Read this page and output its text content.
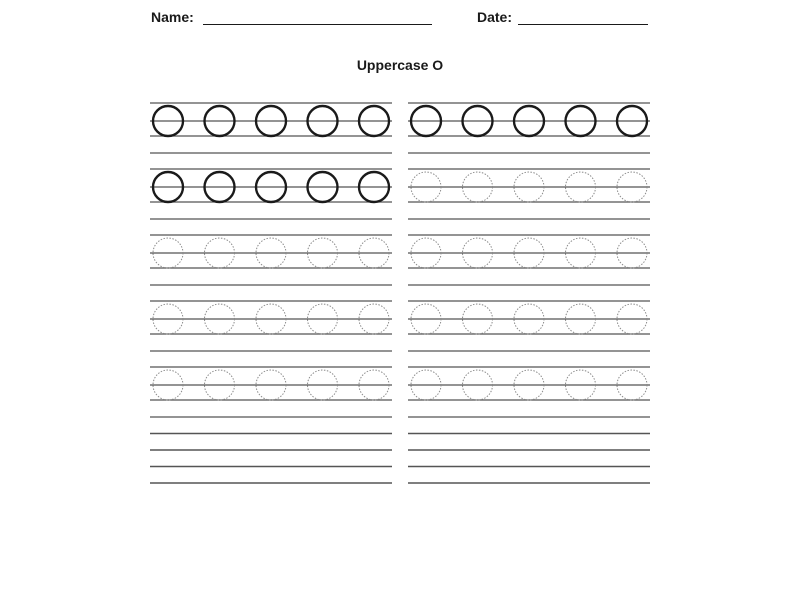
Name:	Date:
Uppercase O
